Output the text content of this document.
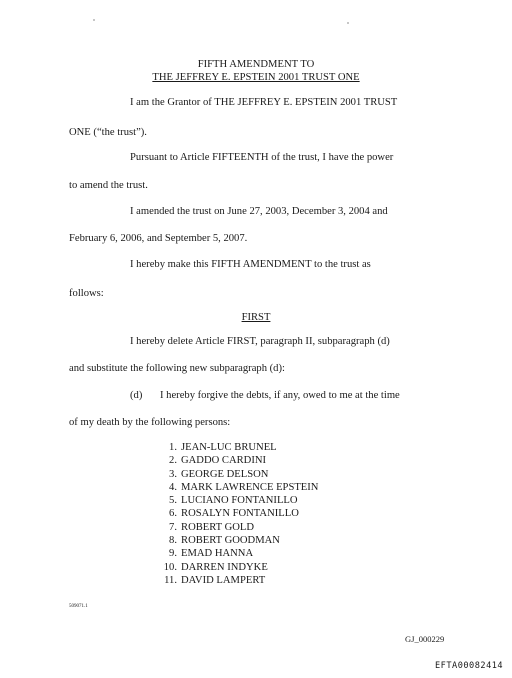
FIFTH AMENDMENT TO
THE JEFFREY E. EPSTEIN 2001 TRUST ONE
I am the Grantor of THE JEFFREY E. EPSTEIN 2001 TRUST
ONE (“the trust”).
Pursuant to Article FIFTEENTH of the trust, I have the power
to amend the trust.
I amended the trust on June 27, 2003, December 3, 2004 and
February 6, 2006, and September 5, 2007.
I hereby make this FIFTH AMENDMENT to the trust as
follows:
FIRST
I hereby delete Article FIRST, paragraph II, subparagraph (d)
and substitute the following new subparagraph (d):
(d) I hereby forgive the debts, if any, owed to me at the time
of my death by the following persons:
1. JEAN-LUC BRUNEL
2. GADDO CARDINI
3. GEORGE DELSON
4. MARK LAWRENCE EPSTEIN
5. LUCIANO FONTANILLO
6. ROSALYN FONTANILLO
7. ROBERT GOLD
8. ROBERT GOODMAN
9. EMAD HANNA
10. DARREN INDYKE
11. DAVID LAMPERT
509071.1
GJ_000229
EFTA00082414
